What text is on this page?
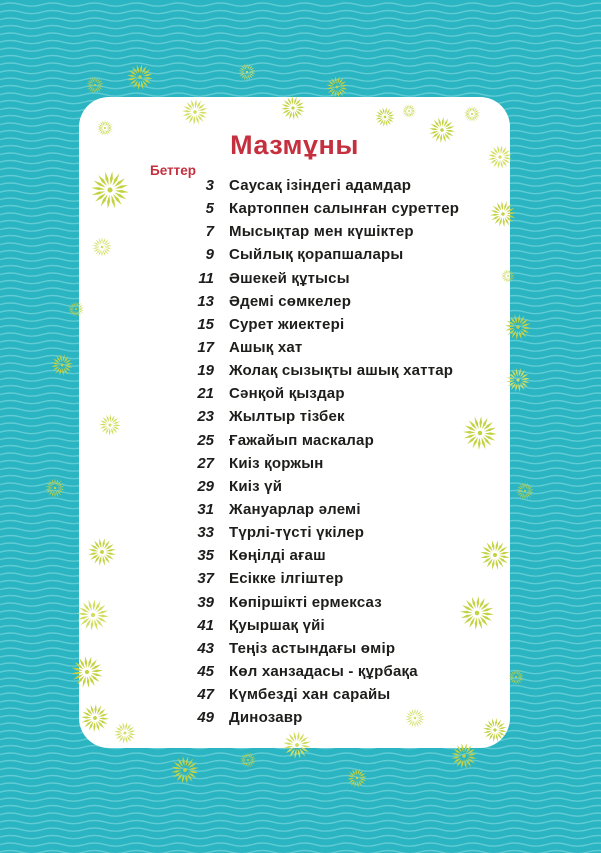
Мазмұны
Беттер
3 Саусақ ізіндегі адамдар
5 Картоппен салынған суреттер
7 Мысықтар мен күшіктер
9 Сыйлық қорапшалары
11 Әшекей құтысы
13 Әдемі сөмкелер
15 Сурет жиектері
17 Ашық хат
19 Жолақ сызықты ашық хаттар
21 Сәнқой қыздар
23 Жылтыр тізбек
25 Ғажайып маскалар
27 Киіз қоржын
29 Киіз үй
31 Жануарлар әлемі
33 Түрлі-түсті үкілер
35 Көңілді ағаш
37 Есікке ілгіштер
39 Көпіршікті ермексаз
41 Қуыршақ үйі
43 Теңіз астындағы өмір
45 Көл ханзадасы - құрбақа
47 Күмбезді хан сарайы
49 Динозавр
